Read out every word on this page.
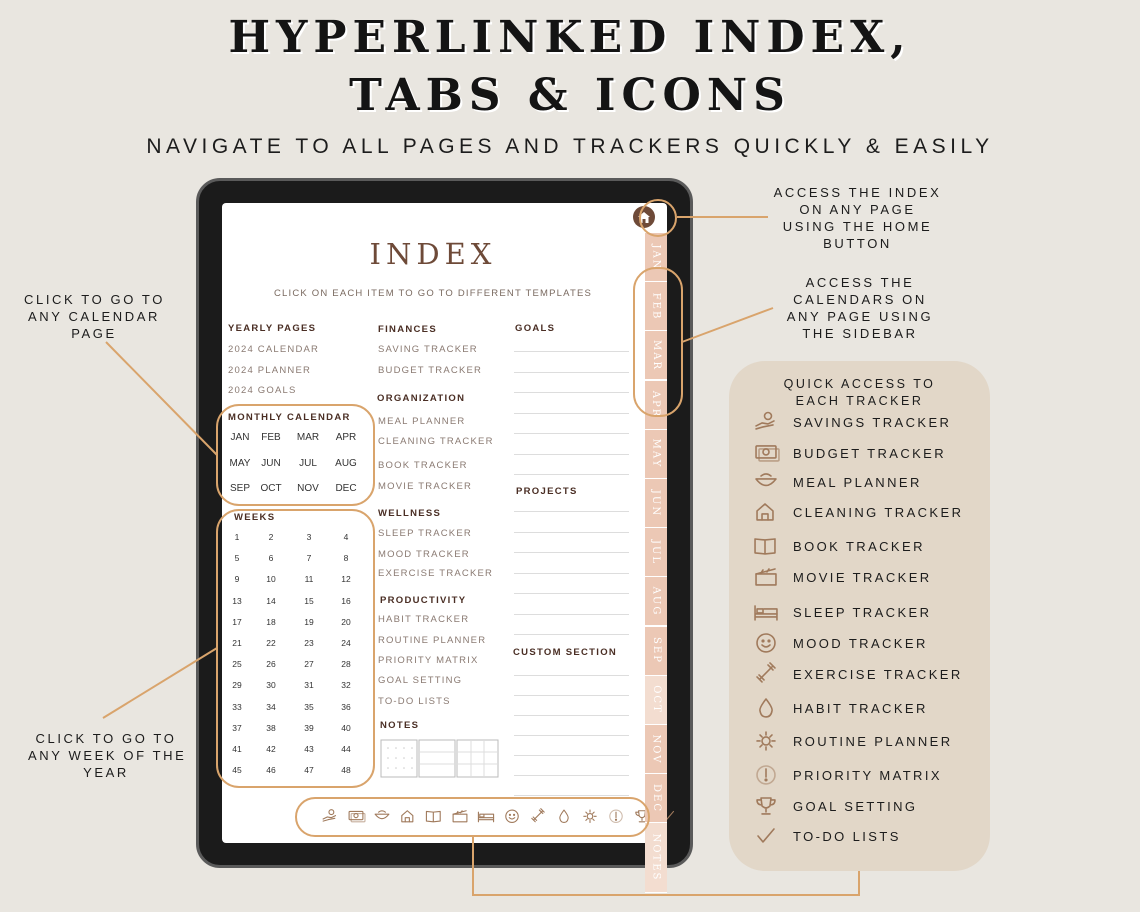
HYPERLINKED INDEX,
TABS & ICONS
NAVIGATE TO ALL PAGES AND TRACKERS QUICKLY & EASILY
CLICK TO GO TO
ANY CALENDAR
PAGE
CLICK TO GO TO
ANY WEEK OF THE
YEAR
ACCESS THE INDEX
ON ANY PAGE
USING THE HOME
BUTTON
ACCESS THE
CALENDARS ON
ANY PAGE USING
THE SIDEBAR
INDEX
CLICK ON EACH ITEM TO GO TO DIFFERENT TEMPLATES
YEARLY PAGES
2024 CALENDAR
2024 PLANNER
2024 GOALS
MONTHLY CALENDAR
WEEKS
FINANCES
SAVING TRACKER
BUDGET TRACKER
ORGANIZATION
MEAL PLANNER
CLEANING TRACKER
BOOK TRACKER
MOVIE TRACKER
WELLNESS
SLEEP TRACKER
MOOD TRACKER
EXERCISE TRACKER
PRODUCTIVITY
HABIT TRACKER
ROUTINE PLANNER
PRIORITY MATRIX
GOAL SETTING
TO-DO LISTS
NOTES
GOALS
PROJECTS
CUSTOM SECTION
JAN	FEB	MAR	APR
MAY	JUN	JUL	AUG
SEP	OCT	NOV	DEC
1	2	3	4
5	6	7	8
9	10	11	12
13	14	15	16
17	18	19	20
21	22	23	24
25	26	27	28
29	30	31	32
33	34	35	36
37	38	39	40
41	42	43	44
45	46	47	48
JAN
FEB
MAR
APR
MAY
JUN
JUL
AUG
SEP
OCT
NOV
DEC
NOTES
QUICK ACCESS TO
EACH TRACKER
SAVINGS TRACKER
BUDGET TRACKER
MEAL PLANNER
CLEANING TRACKER
BOOK TRACKER
MOVIE TRACKER
SLEEP TRACKER
MOOD TRACKER
EXERCISE TRACKER
HABIT TRACKER
ROUTINE PLANNER
PRIORITY MATRIX
GOAL SETTING
TO-DO LISTS
